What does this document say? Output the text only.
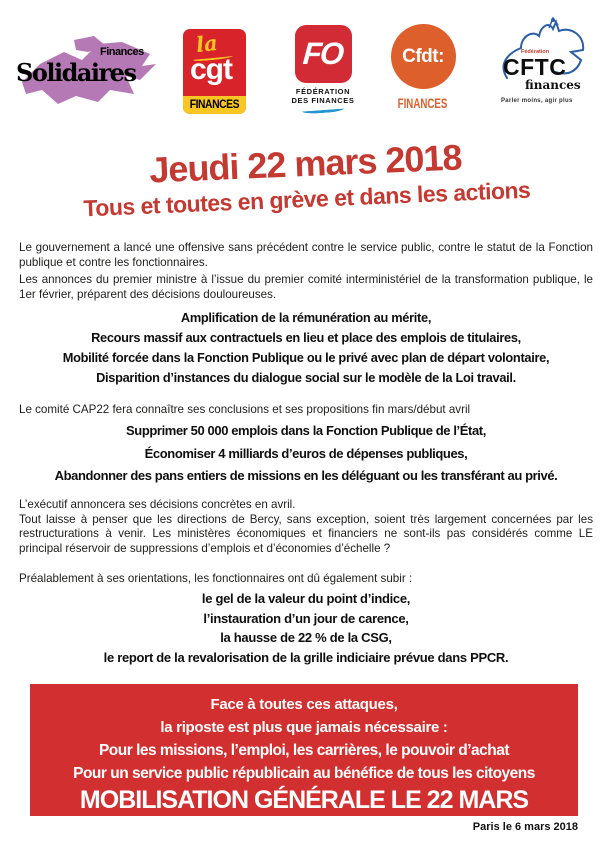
Solidaires
Finances la
cgt
FINANCES
FO
FÉDÉRATION
DES FINANCES
Cfdt:
FINANCES
Fédération
CFTC
finances
Parler moins, agir plus
Jeudi 22 mars 2018
Tous et toutes en grève et dans les actions

Le gouvernement a lancé une offensive sans précédent contre le service public, contre le statut de la Fonction publique et contre les fonctionnaires.

Les annonces du premier ministre à l’issue du premier comité interministériel de la transformation publique, le 1er février, préparent des décisions douloureuses.

Amplification de la rémunération au mérite,
Recours massif aux contractuels en lieu et place des emplois de titulaires,
Mobilité forcée dans la Fonction Publique ou le privé avec plan de départ volontaire,
Disparition d’instances du dialogue social sur le modèle de la Loi travail.
Le comité CAP22 fera connaître ses conclusions et ses propositions fin mars/début avril
Supprimer 50 000 emplois dans la Fonction Publique de l’État,
Économiser 4 milliards d’euros de dépenses publiques,
Abandonner des pans entiers de missions en les déléguant ou les transférant au privé.

L’exécutif annoncera ses décisions concrètes en avril.

Tout laisse à penser que les directions de Bercy, sans exception, soient très largement concernées par les restructurations à venir. Les ministères économiques et financiers ne sont-ils pas considérés comme LE principal réservoir de suppressions d’emplois et d’économies d’échelle ?

Préalablement à ses orientations, les fonctionnaires ont dû également subir :
le gel de la valeur du point d’indice,
l’instauration d’un jour de carence,
la hausse de 22 % de la CSG,
le report de la revalorisation de la grille indiciaire prévue dans PPCR.
Face à toutes ces attaques,
la riposte est plus que jamais nécessaire :
Pour les missions, l’emploi, les carrières, le pouvoir d’achat
Pour un service public républicain au bénéfice de tous les citoyens
MOBILISATION GÉNÉRALE LE 22 MARS
Paris le 6 mars 2018
